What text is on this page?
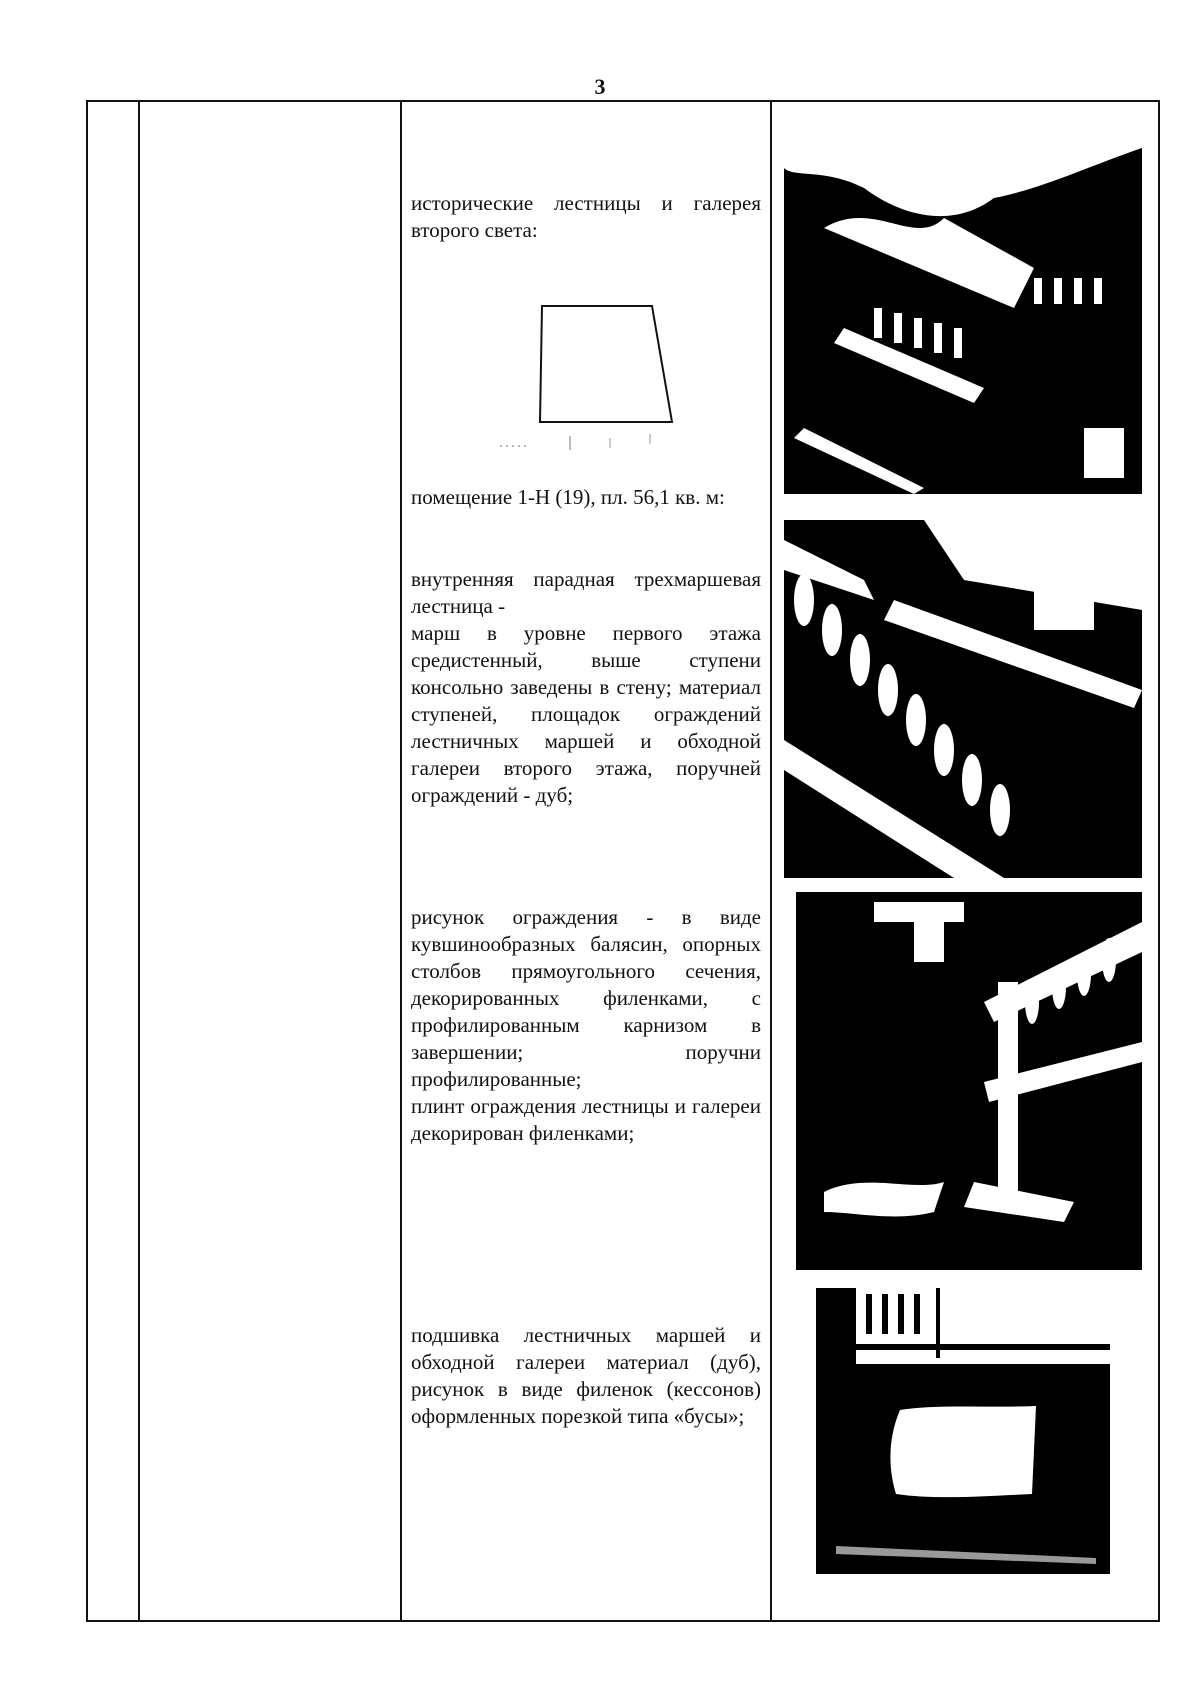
3

исторические лестницы и галерея второго света:

помещение 1-Н (19), пл. 56,1 кв. м:

внутренняя парадная трехмаршевая лестница -

марш в уровне первого этажа средистенный, выше ступени консольно заведены в стену; материал ступеней, площадок ограждений лестничных маршей и обходной галереи второго этажа, поручней ограждений - дуб;

рисунок ограждения - в виде кувшинообразных балясин, опорных столбов прямоугольного сечения, декорированных филенками, с профилированным карнизом в завершении; поручни профилированные;

плинт ограждения лестницы и галереи декорирован филенками;

подшивка лестничных маршей и обходной галереи материал (дуб), рисунок в виде филенок (кессонов) оформленных порезкой типа «бусы»;
